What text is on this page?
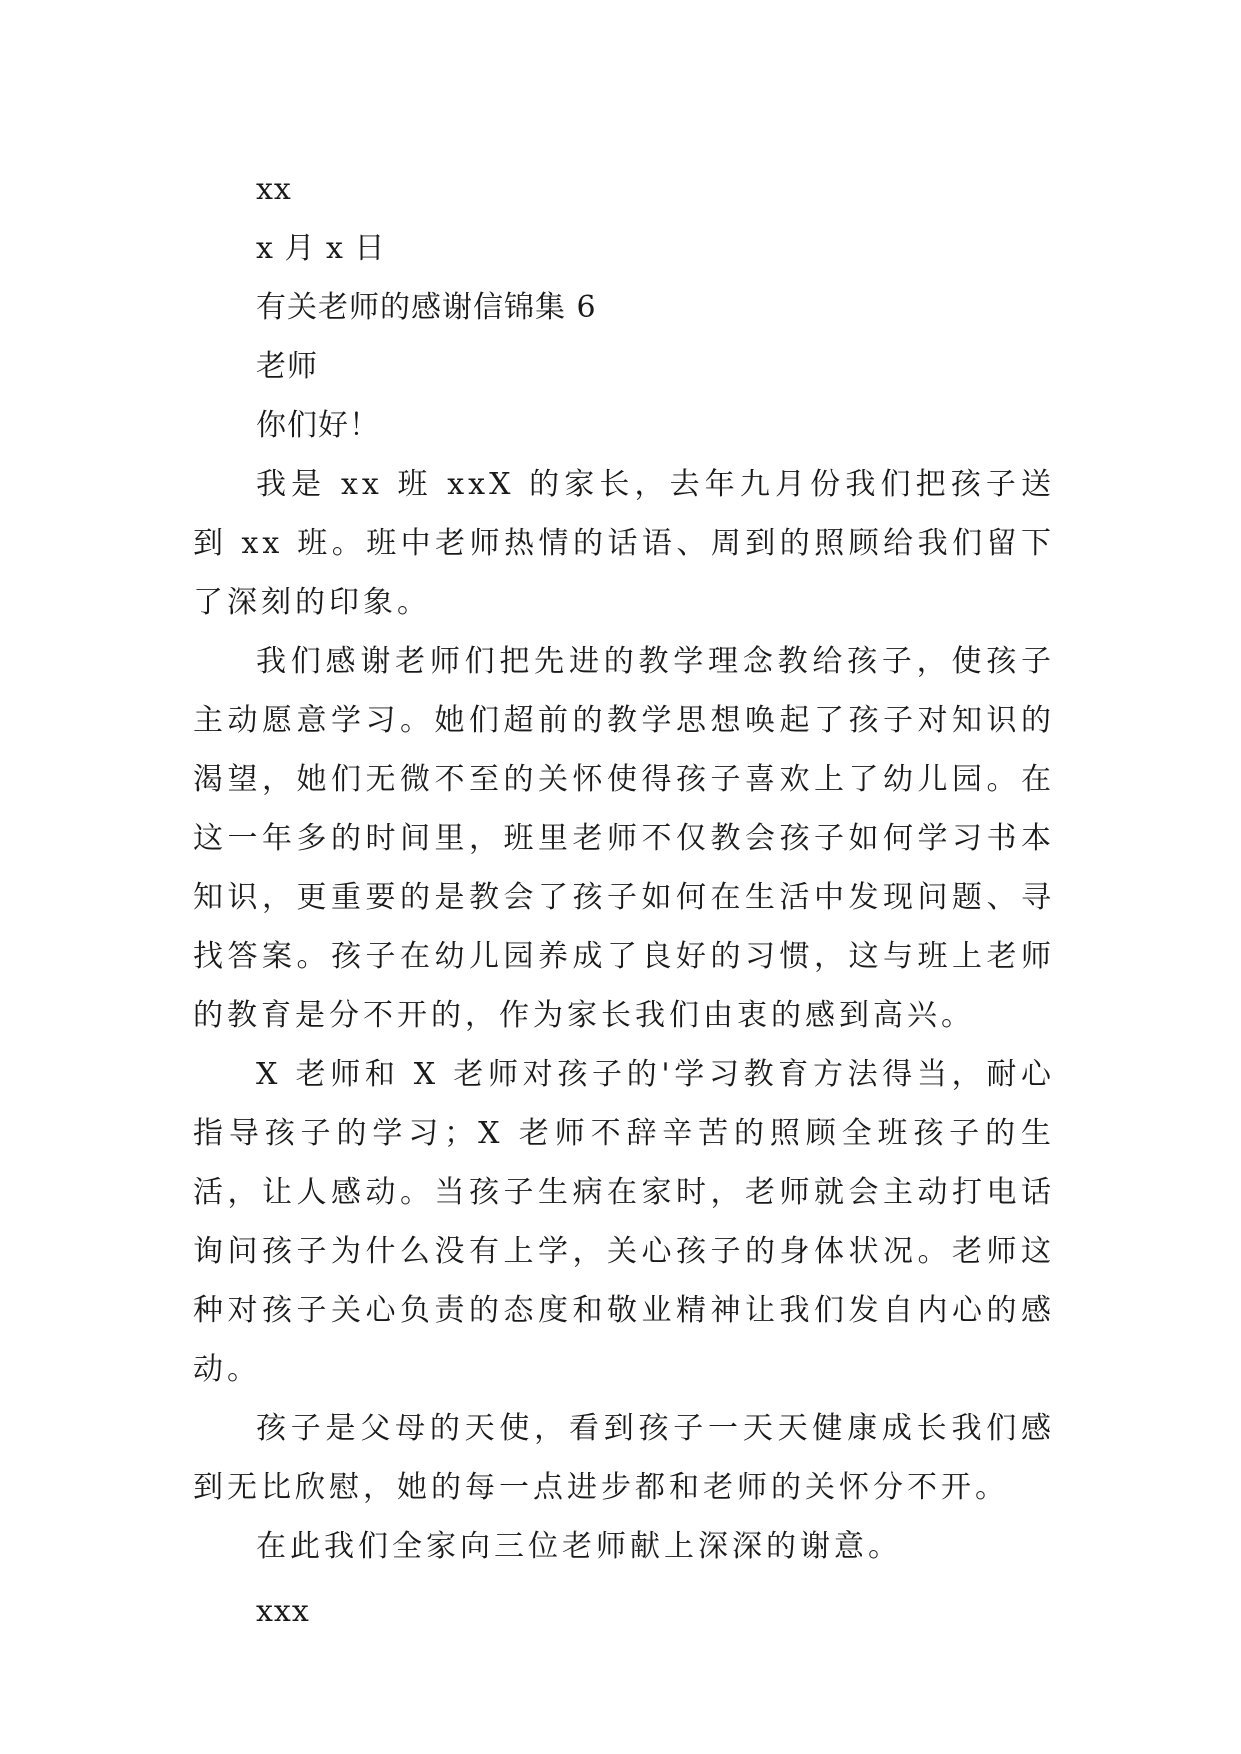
xx

x 月 x 日

有关老师的感谢信锦集 6

老师

你们好！

我是 xx 班 xxX 的家长，去年九月份我们把孩子送到 xx 班。班中老师热情的话语、周到的照顾给我们留下了深刻的印象。

我们感谢老师们把先进的教学理念教给孩子，使孩子主动愿意学习。她们超前的教学思想唤起了孩子对知识的渴望，她们无微不至的关怀使得孩子喜欢上了幼儿园。在这一年多的时间里，班里老师不仅教会孩子如何学习书本知识，更重要的是教会了孩子如何在生活中发现问题、寻找答案。孩子在幼儿园养成了良好的习惯，这与班上老师的教育是分不开的，作为家长我们由衷的感到高兴。

X 老师和 X 老师对孩子的'学习教育方法得当，耐心指导孩子的学习；X 老师不辞辛苦的照顾全班孩子的生活，让人感动。当孩子生病在家时，老师就会主动打电话询问孩子为什么没有上学，关心孩子的身体状况。老师这种对孩子关心负责的态度和敬业精神让我们发自内心的感动。

孩子是父母的天使，看到孩子一天天健康成长我们感到无比欣慰，她的每一点进步都和老师的关怀分不开。

在此我们全家向三位老师献上深深的谢意。

xxx
